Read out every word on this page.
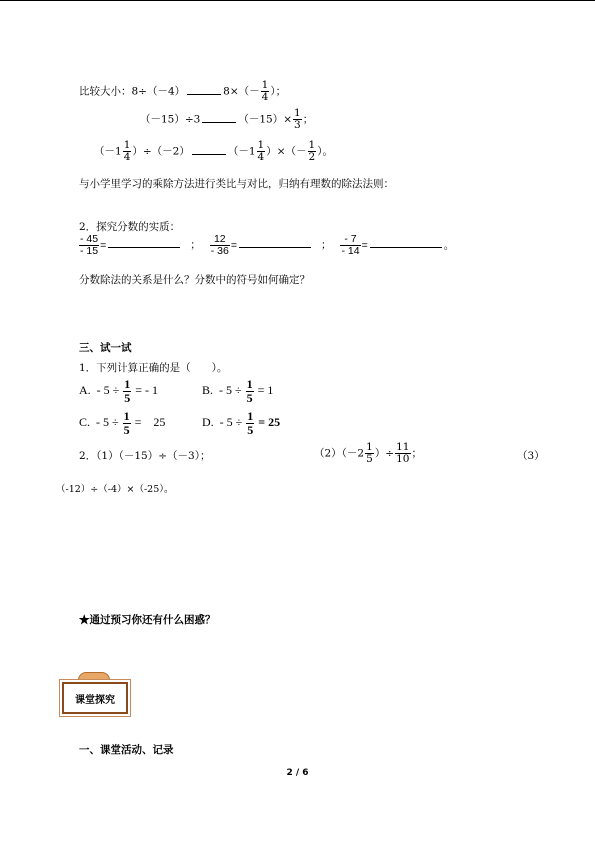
比较大小：8÷（－4）	$8\times(- \frac{1}{4}$ ）；
（－15）÷3	$(-15)\times \frac{1}{3}$ ；
$(-1 \frac{1}{4} )\div(-2)$	（$-1 \frac{1}{4}$ ）×（－ $\frac{1}{2}$ ）。
与小学里学习的乘除方法进行类比与对比，归纳有理数的除法法则：
2．探究分数的实质：
$\frac{- 45}{- 15}$ =	； $\frac{12}{- 36}$ =	； $\frac{- 7}{- 14}$ =	。
分数除法的关系是什么？分数中的符号如何确定？
三、试一试
1．下列计算正确的是（　　）。
A. - $5 \div \frac{1}{5}$ = - 1	B. - $5 \div \frac{1}{5} = 1$
C. - $5 \div \frac{1}{5}$ =　25	D. - $5 \div \frac{1}{5} = 25$
2．（1）（－15）÷（－3）；	$(2)(-2 \frac{1}{5}$ ）÷ $\frac{11}{10}$ ；	（3）
（-12）÷（-4）×（-25）。
★通过预习你还有什么困惑？
课堂探究
一、课堂活动、记录
2 / 6
